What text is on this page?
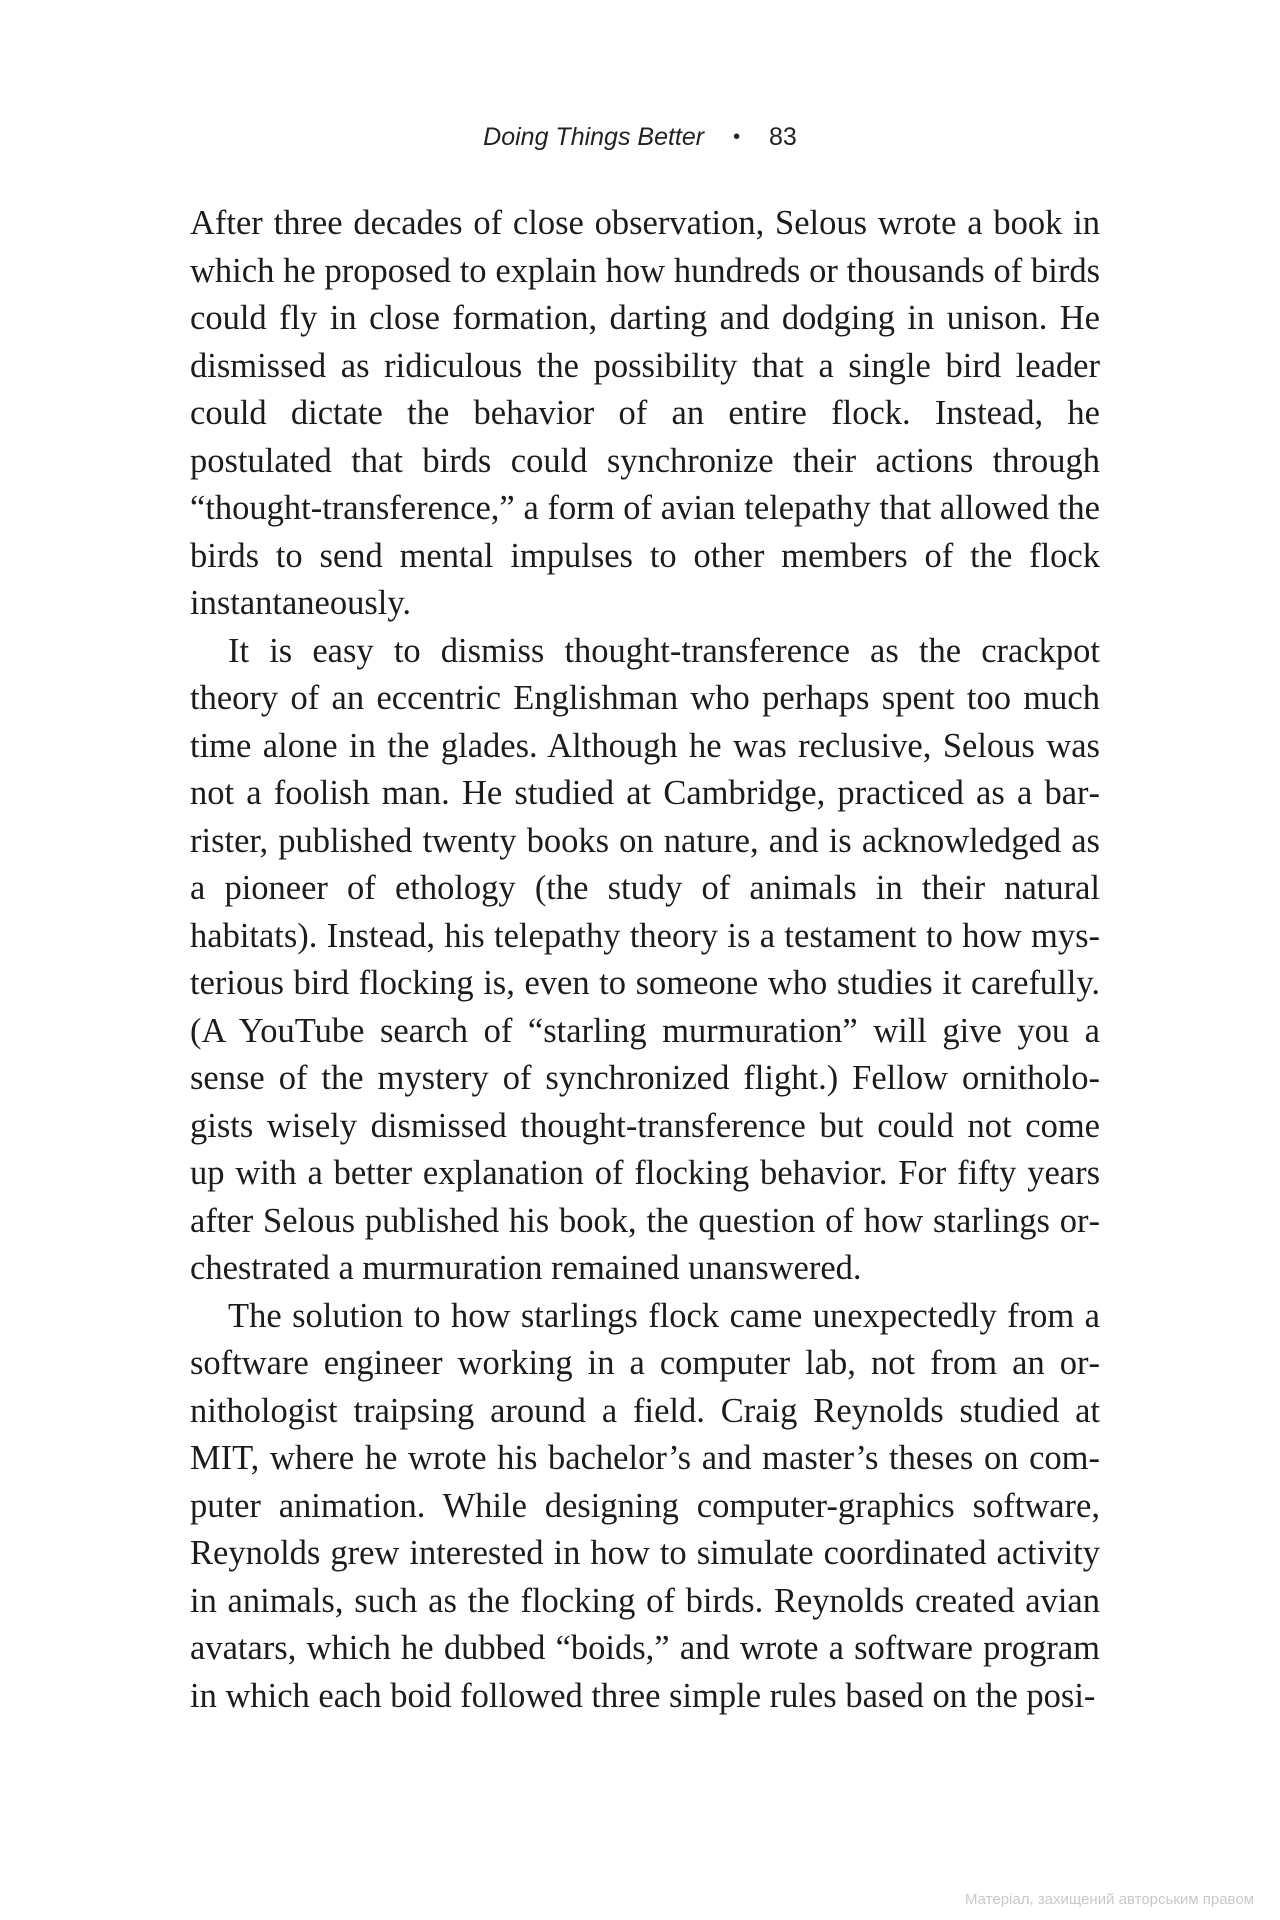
Doing Things Better • 83

After three decades of close observation, Selous wrote a book in which he proposed to explain how hundreds or thousands of birds could fly in close formation, darting and dodging in unison. He dismissed as ridiculous the possibility that a single bird leader could dictate the behavior of an entire flock. Instead, he postulated that birds could synchronize their actions through “thought-transference,” a form of avian telepathy that allowed the birds to send mental impulses to other members of the flock instantaneously.

It is easy to dismiss thought-transference as the crackpot theory of an eccentric Englishman who perhaps spent too much time alone in the glades. Although he was reclusive, Selous was not a foolish man. He studied at Cambridge, practiced as a barrister, published twenty books on nature, and is acknowledged as a pioneer of ethology (the study of animals in their natural habitats). Instead, his telepathy theory is a testament to how mysterious bird flocking is, even to someone who studies it carefully. (A YouTube search of “starling murmuration” will give you a sense of the mystery of synchronized flight.) Fellow ornithologists wisely dismissed thought-transference but could not come up with a better explanation of flocking behavior. For fifty years after Selous published his book, the question of how starlings orchestrated a murmuration remained unanswered.

The solution to how starlings flock came unexpectedly from a software engineer working in a computer lab, not from an ornithologist traipsing around a field. Craig Reynolds studied at MIT, where he wrote his bachelor’s and master’s theses on computer animation. While designing computer-graphics software, Reynolds grew interested in how to simulate coordinated activity in animals, such as the flocking of birds. Reynolds created avian avatars, which he dubbed “boids,” and wrote a software program in which each boid followed three simple rules based on the posi-

Матеріал, захищений авторським правом
